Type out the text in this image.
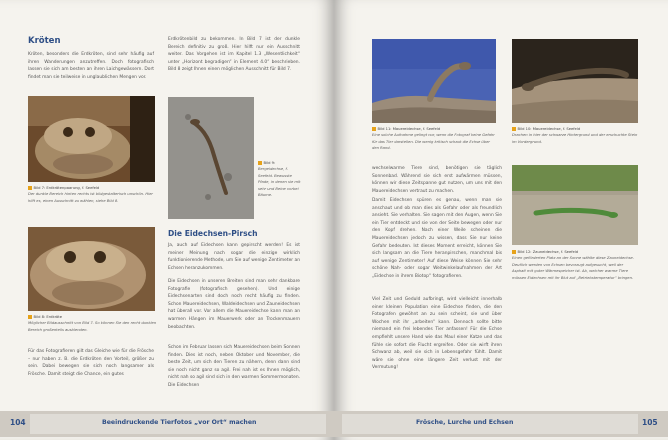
Kröten
Kröten, besonders die Erdkröten, sind sehr häufig auf ihren Wanderungen anzutreffen. Doch fotografisch lassen sie sich am besten an ihren Laichgewässern. Dort findet man sie teilweise in unglaublichen Mengen vor.
Bild 7: Erdkrötenpaarung, f. Seefeld
Der dunkle Bereich hinten rechts ist bildgestalterisch unschön. Hier hilft es, einen Ausschnitt zu wählen, siehe Bild 8.
Bild 8: Erdkröte
Möglicher Bildausschnitt von Bild 7. So können Sie den recht dunklen Bereich großenteils ausblenden.
Für das Fotografieren gilt das Gleiche wie für die Frösche – nur haben z. B. die Erdkröten den Vorteil, größer zu sein. Dabei bewegen sie sich noch langsamer als Frösche. Damit steigt die Chance, ein gutes
Erdkrötenbild zu bekommen. In Bild 7 ist der dunkle Bereich definitiv zu groß. Hier hilft nur ein Ausschnitt weiter. Das Vorgehen ist im Kapitel 1.3 „Wesentlichkeit“ unter „Horizont begradigen“ in Element 4.0“ beschrieben. Bild 8 zeigt Ihnen einen möglichen Ausschnitt für Bild 7.
Bild 9:
Bergeidechse, f. Seefeld. Bewusste Pfade, in denen sie mit sehr und Beine vorbei Bäume.
Die Eidechsen-Pirsch
Ja, auch auf Eidechsen kann gepirscht werden! Es ist meiner Meinung nach sogar die einzige wirklich funktionierende Methode, um Sie auf wenige Zentimeter an Echsen heranzukommen.
Die Eidechsen in unseren Breiten sind man sehr dankbare Fotografie (fotografisch gesehen). Und einige Eidechsenarten sind doch noch recht häufig zu finden. Schon Mauereidechsen, Waldeidechsen und Zauneidechsen hat überall vor. Vor allem die Mauereidechse kann man an warmen Hängen im Mauerwerk oder an Trockenmauern beobachten.
Schon im Februar lassen sich Mauereidechsen beim Sonnen finden. Dies ist noch, neben Oktober und November, die beste Zeit, um sich den Tieren zu nähern, denn dann sind sie noch nicht ganz so agil. Frei nah ist es Ihnen möglich, nicht nah so agil sind sich in den warmen Sommermonaten. Die Eidechsen
104	Beeindruckende Tierfotos „vor Ort“ machen
Bild 11: Mauereidechse, f. Seefeld
Eine solche Aufnahme gelingt nur, wenn die Fotograf keine Gefahr für das Tier darstellen. Die wenig kritisch schaut die Echse über den Rand.
Bild 10: Mauereidechse, f. Seefeld
Drachen in hier der schwarze Hintergrund und der erschuchte Stein im Vordergrund.
wechselwarme Tiere sind, benötigen sie täglich Sonnenbad. Während sie sich erst aufwärmen müssen, können wir diese Zeitspanne gut nutzen, um uns mit den Mauereidechsen vertraut zu machen.
Damit Eidechsen spüren es genau, wenn man sie anschaut und ob man dies als Gefahr oder als freundlich ansieht. Sie verhalten. Sie sagen mit den Augen, wenn Sie ein Tier entdeckt und sie von der Seite bewegen oder nur den Kopf drehen. Nach einer Weile scheinen die Mauereidechsen jedoch zu wissen, dass Sie nur keine Gefahr bedeuten. Ist dieses Moment erreicht, können Sie sich langsam an die Tiere heranpirschen, manchmal bis auf wenige Zentimeter! Auf diese Weise können Sie sehr schöne Nah- oder sogar Weitwinkelaufnahmen der Art „Eidechse in ihrem Biotop“ fotografieren.
Viel Zeit und Geduld aufbringt, wird vielleicht innerhalb einer kleinen Population eine Eidechse finden, die den Fotografen gewöhnt an zu sein scheint, sie und über Wochen mit ihr „arbeiten“ kann. Dennoch sollte bitte niemand ein frei lebendes Tier anfassen! Für die Echse empfiehlt unsere Hand wie das Maul einer Katze und das fühle sie sofort die Flucht ergreifen. Oder sie wirft ihren Schwanz ab, weil sie sich in Lebensgefahr fühlt. Damit wäre sie ohne eine längere Zeit verlust mit der Vermutung!
Bild 12: Zauneidechse, f. Seefeld
Einen geförderten Platz an der Sonne wählte diese Zauneidechse. Deutlich werden von Echsen bevorzugt aufgesucht, weil der Asphalt mit guter Wärmespeicher ist. Ab, welcher warme Tiere müssen Eidechsen mit ihr Blut auf „Betriebstemperatur“ bringen.
Frösche, Lurche und Echsen	105
